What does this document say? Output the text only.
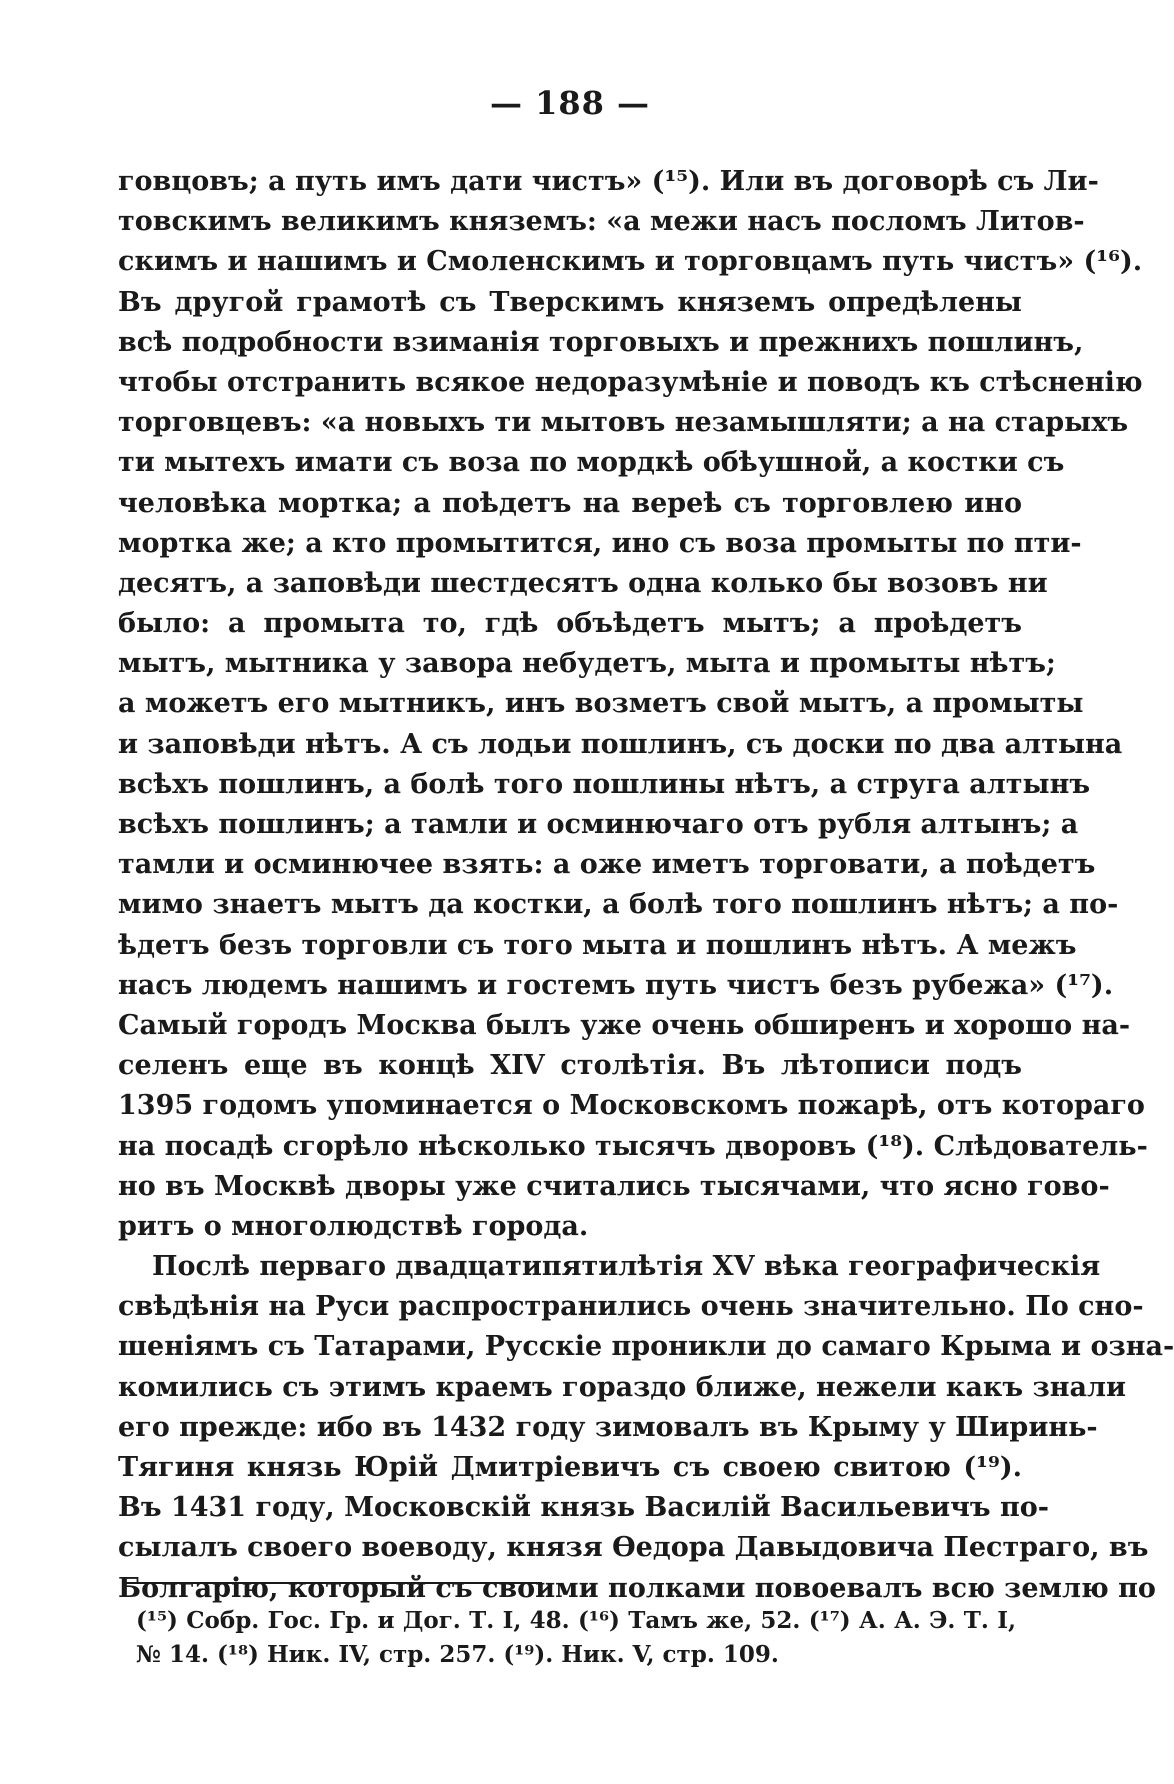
— 188 —
говцовъ; а путь имъ дати чистъ» (¹⁵). Или въ договорѣ съ Ли-
товскимъ великимъ княземъ: «а межи насъ посломъ Литов-
скимъ и нашимъ и Смоленскимъ и торговцамъ путь чистъ» (¹⁶).
Въ другой грамотѣ съ Тверскимъ княземъ опредѣлены
всѣ подробности взиманія торговыхъ и прежнихъ пошлинъ,
чтобы отстранить всякое недоразумѣніе и поводъ къ стѣсненію
торговцевъ: «а новыхъ ти мытовъ незамышляти; а на старыхъ
ти мытехъ имати съ воза по мордкѣ обѣушной, а костки съ
человѣка мортка; а поѣдетъ на вереѣ съ торговлею ино
мортка же; а кто промытится, ино съ воза промыты по пти-
десятъ, а заповѣди шестдесятъ одна колько бы возовъ ни
было: а промыта то, гдѣ объѣдетъ мытъ; а проѣдетъ
мытъ, мытника у завора небудетъ, мыта и промыты нѣтъ;
а можетъ его мытникъ, инъ возметъ свой мытъ, а промыты
и заповѣди нѣтъ. А съ лодьи пошлинъ, съ доски по два алтына
всѣхъ пошлинъ, а болѣ того пошлины нѣтъ, а струга алтынъ
всѣхъ пошлинъ; а тамли и осминючаго отъ рубля алтынъ; а
тамли и осминючее взять: а оже иметъ торговати, а поѣдетъ
мимо знаетъ мытъ да костки, а болѣ того пошлинъ нѣтъ; а по-
ѣдетъ безъ торговли съ того мыта и пошлинъ нѣтъ. А межъ
насъ людемъ нашимъ и гостемъ путь чистъ безъ рубежа» (¹⁷).
Самый городъ Москва былъ уже очень обширенъ и хорошо на-
селенъ еще въ концѣ XIV столѣтія. Въ лѣтописи подъ
1395 годомъ упоминается о Московскомъ пожарѣ, отъ котораго
на посадѣ сгорѣло нѣсколько тысячъ дворовъ (¹⁸). Слѣдователь-
но въ Москвѣ дворы уже считались тысячами, что ясно гово-
ритъ о многолюдствѣ города.
Послѣ перваго двадцатипятилѣтія XV вѣка географическія
свѣдѣнія на Руси распространились очень значительно. По сно-
шеніямъ съ Татарами, Русскіе проникли до самаго Крыма и озна-
комились съ этимъ краемъ гораздо ближе, нежели какъ знали
его прежде: ибо въ 1432 году зимовалъ въ Крыму у Ширинь-
Тягиня князь Юрій Дмитріевичъ съ своею свитою (¹⁹).
Въ 1431 году, Московскій князь Василій Васильевичъ по-
сылалъ своего воеводу, князя Ѳедора Давыдовича Пестраго, въ
Болгарію, который съ своими полками повоевалъ всю землю по
(¹⁵) Собр. Гос. Гр. и Дог. Т. I, 48. (¹⁶) Тамъ же, 52. (¹⁷) А. А. Э. Т. I,
№ 14. (¹⁸) Ник. IV, стр. 257. (¹⁹). Ник. V, стр. 109.
